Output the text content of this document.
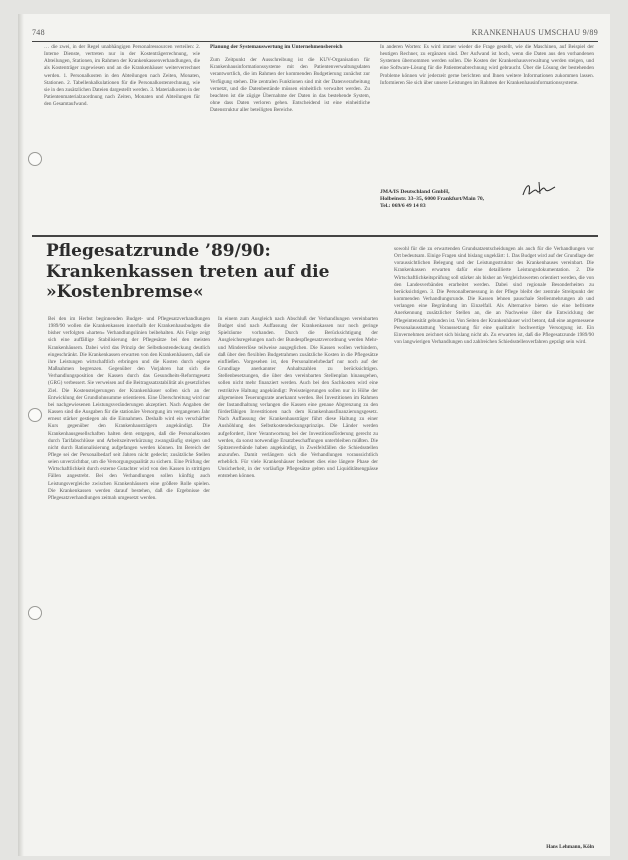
748	KRANKENHAUS UMSCHAU 9/89

… die zwei, in der Regel unabhängigen Personalressourcen verteilen: 2. Interne Dienste, vertreten nur in der Kostenträgerrechnung, wie Abteilungen, Stationen, im Rahmen der Krankenkassenverhandlungen, die als Kostenträger zugewiesen und an die Krankenhäuser weiterverrechnet werden. 1. Personalkosten in den Abteilungen nach Zeiten, Monaten, Stationen. 2. Tabellenkalkulationen für die Personalkostenrechnung, wie sie in den zusätzlichen Dateien dargestellt werden. 3. Materialkosten in der Patientenmaterialzuordnung nach Zeiten, Monaten und Abteilungen für den Gesamtaufwand.

Planung der Systemauswertung im Unternehmensbereich

Zum Zeitpunkt der Ausschreibung ist die KUV-Organisation für Krankenhausinformationssysteme mit den Patientenverwaltungsdaten verantwortlich, die im Rahmen der kommenden Budgetierung zunächst zur Verfügung stehen. Die zentralen Funktionen sind mit der Datenverarbeitung vernetzt, und die Datenbestände müssen einheitlich verwaltet werden. Zu beachten ist die zügige Übernahme der Daten in das bestehende System, ohne dass Daten verloren gehen. Entscheidend ist eine einheitliche Datenstruktur aller beteiligten Bereiche.

In anderen Worten: Es wird immer wieder die Frage gestellt, wie die Maschinen, auf Beispiel der heutigen Rechner, zu ergänzen sind. Der Aufwand ist hoch, wenn die Daten aus den vorhandenen Systemen übernommen werden sollen. Die Kosten der Krankenhausverwaltung werden steigen, und eine Software-Lösung für die Patientenabrechnung wird gebraucht. Über die Lösung der bestehenden Probleme können wir jederzeit gerne berichten und Ihnen weitere Informationen zukommen lassen. Informieren Sie sich über unsere Leistungen im Rahmen der Krankenhausinformationssysteme.

JMA/IS Deutschland GmbH,
Holbeinstr. 33–35, 6000 Frankfurt/Main 70,
Tel.: 069/6 49 14 83
Pflegesatzrunde ’89/90: Krankenkassen treten auf die »Kostenbremse«

Bei den im Herbst beginnenden Budget- und Pflegesatzverhandlungen 1989/90 wollen die Krankenkassen innerhalb der Krankenhausbudgets die bisher verfolgten »harten« Verhandlungslinien beibehalten. Als Folge zeigt sich eine auffällige Stabilisierung der Pflegesätze bei den meisten Krankenhäusern. Dabei wird das Prinzip der Selbstkostendeckung deutlich eingeschränkt. Die Krankenkassen erwarten von den Krankenhäusern, daß sie ihre Leistungen wirtschaftlich erbringen und die Kosten durch eigene Maßnahmen begrenzen. Gegenüber den Vorjahren hat sich die Verhandlungsposition der Kassen durch das Gesundheits-Reformgesetz (GRG) verbessert. Sie verweisen auf die Beitragssatzstabilität als gesetzliches Ziel. Die Kostensteigerungen der Krankenhäuser sollen sich an der Entwicklung der Grundlohnsumme orientieren. Eine Überschreitung wird nur bei nachgewiesenen Leistungsveränderungen akzeptiert. Nach Angaben der Kassen sind die Ausgaben für die stationäre Versorgung im vergangenen Jahr erneut stärker gestiegen als die Einnahmen. Deshalb wird ein verschärfter Kurs gegenüber den Krankenhausträgern angekündigt. Die Krankenhausgesellschaften halten dem entgegen, daß die Personalkosten durch Tarifabschlüsse und Arbeitszeitverkürzung zwangsläufig steigen und nicht durch Rationalisierung aufgefangen werden können. Im Bereich der Pflege sei der Personalbedarf seit Jahren nicht gedeckt; zusätzliche Stellen seien unverzichtbar, um die Versorgungsqualität zu sichern. Eine Prüfung der Wirtschaftlichkeit durch externe Gutachter wird von den Kassen in strittigen Fällen angestrebt. Bei den Verhandlungen sollen künftig auch Leistungsvergleiche zwischen Krankenhäusern eine größere Rolle spielen. Die Krankenkassen werden darauf bestehen, daß die Ergebnisse der Pflegesatzverhandlungen zeitnah umgesetzt werden.

In einem zum Ausgleich nach Abschluß der Verhandlungen vereinbarten Budget sind nach Auffassung der Krankenkassen nur noch geringe Spielräume vorhanden. Durch die Berücksichtigung der Ausgleichsregelungen nach der Bundespflegesatzverordnung werden Mehr- und Mindererlöse teilweise ausgeglichen. Die Kassen wollen verhindern, daß über den flexiblen Budgetrahmen zusätzliche Kosten in die Pflegesätze einfließen. Vorgesehen ist, den Personalmehrbedarf nur noch auf der Grundlage anerkannter Anhaltszahlen zu berücksichtigen. Stellenbesetzungen, die über den vereinbarten Stellenplan hinausgehen, sollen nicht mehr finanziert werden. Auch bei den Sachkosten wird eine restriktive Haltung angekündigt: Preissteigerungen sollen nur in Höhe der allgemeinen Teuerungsrate anerkannt werden. Bei Investitionen im Rahmen der Instandhaltung verlangen die Kassen eine genaue Abgrenzung zu den förderfähigen Investitionen nach dem Krankenhausfinanzierungsgesetz. Nach Auffassung der Krankenhausträger führt diese Haltung zu einer Aushöhlung des Selbstkostendeckungsprinzips. Die Länder werden aufgefordert, ihrer Verantwortung bei der Investitionsförderung gerecht zu werden, da sonst notwendige Ersatzbeschaffungen unterbleiben müßten. Die Spitzenverbände haben angekündigt, in Zweifelsfällen die Schiedsstellen anzurufen. Damit verlängern sich die Verhandlungen voraussichtlich erheblich. Für viele Krankenhäuser bedeutet dies eine längere Phase der Unsicherheit, in der vorläufige Pflegesätze gelten und Liquiditätsengpässe entstehen können.

sowohl für die zu erwartenden Grundsatzentscheidungen als auch für die Verhandlungen vor Ort bedeutsam. Einige Fragen sind bislang ungeklärt: 1. Das Budget wird auf der Grundlage der voraussichtlichen Belegung und der Leistungsstruktur des Krankenhauses vereinbart. Die Krankenkassen erwarten dafür eine detaillierte Leistungsdokumentation. 2. Die Wirtschaftlichkeitsprüfung soll stärker als bisher an Vergleichswerten orientiert werden, die von den Landesverbänden erarbeitet werden. Dabei sind regionale Besonderheiten zu berücksichtigen. 3. Die Personalbemessung in der Pflege bleibt der zentrale Streitpunkt der kommenden Verhandlungsrunde. Die Kassen lehnen pauschale Stellenmehrungen ab und verlangen eine Begründung im Einzelfall. Als Alternative bieten sie eine befristete Anerkennung zusätzlicher Stellen an, die an Nachweise über die Entwicklung der Pflegeintensität gebunden ist. Von Seiten der Krankenhäuser wird betont, daß eine angemessene Personalausstattung Voraussetzung für eine qualitativ hochwertige Versorgung ist. Ein Einvernehmen zeichnet sich bislang nicht ab. Zu erwarten ist, daß die Pflegesatzrunde 1989/90 von langwierigen Verhandlungen und zahlreichen Schiedsstellenverfahren geprägt sein wird.

Hans Lehmann, Köln
